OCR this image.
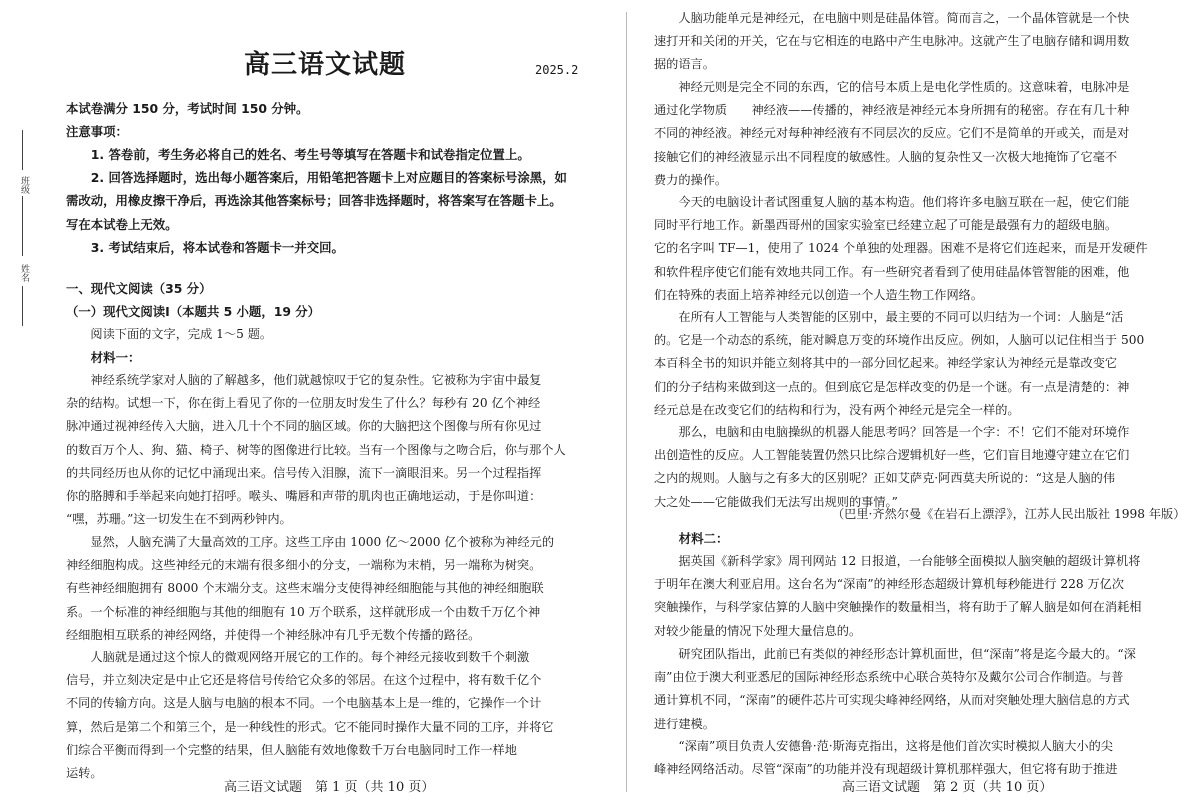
班级
姓名
高三语文试题	2025.2
本试卷满分 150 分，考试时间 150 分钟。
注意事项：
1. 答卷前，考生务必将自己的姓名、考生号等填写在答题卡和试卷指定位置上。
2. 回答选择题时，选出每小题答案后，用铅笔把答题卡上对应题目的答案标号涂黑，如
需改动，用橡皮擦干净后，再选涂其他答案标号；回答非选择题时，将答案写在答题卡上。
写在本试卷上无效。
3. 考试结束后，将本试卷和答题卡一并交回。
一、现代文阅读（35 分）
（一）现代文阅读Ⅰ（本题共 5 小题，19 分）
阅读下面的文字，完成 1～5 题。
材料一：
神经系统学家对人脑的了解越多，他们就越惊叹于它的复杂性。它被称为宇宙中最复
杂的结构。试想一下，你在街上看见了你的一位朋友时发生了什么？每秒有 20 亿个神经
脉冲通过视神经传入大脑，进入几十个不同的脑区域。你的大脑把这个图像与所有你见过
的数百万个人、狗、猫、椅子、树等的图像进行比较。当有一个图像与之吻合后，你与那个人
的共同经历也从你的记忆中涌现出来。信号传入泪腺，流下一滴眼泪来。另一个过程指挥
你的胳膊和手举起来向她打招呼。喉头、嘴唇和声带的肌肉也正确地运动，于是你叫道：
“嘿，苏珊。”这一切发生在不到两秒钟内。
显然，人脑充满了大量高效的工序。这些工序由 1000 亿～2000 亿个被称为神经元的
神经细胞构成。这些神经元的末端有很多细小的分支，一端称为末梢，另一端称为树突。
有些神经细胞拥有 8000 个末端分支。这些末端分支使得神经细胞能与其他的神经细胞联
系。一个标准的神经细胞与其他的细胞有 10 万个联系，这样就形成一个由数千万亿个神
经细胞相互联系的神经网络，并使得一个神经脉冲有几乎无数个传播的路径。
人脑就是通过这个惊人的微观网络开展它的工作的。每个神经元接收到数千个刺激
信号，并立刻决定是中止它还是将信号传给它众多的邻居。在这个过程中，将有数千亿个
不同的传输方向。这是人脑与电脑的根本不同。一个电脑基本上是一维的，它操作一个计
算，然后是第二个和第三个，是一种线性的形式。它不能同时操作大量不同的工序，并将它
们综合平衡而得到一个完整的结果，但人脑能有效地像数千万台电脑同时工作一样地
运转。
高三语文试题　第 1 页（共 10 页）
人脑功能单元是神经元，在电脑中则是硅晶体管。简而言之，一个晶体管就是一个快
速打开和关闭的开关，它在与它相连的电路中产生电脉冲。这就产生了电脑存储和调用数
据的语言。
神经元则是完全不同的东西，它的信号本质上是电化学性质的。这意味着，电脉冲是
通过化学物质　　神经液——传播的，神经液是神经元本身所拥有的秘密。存在有几十种
不同的神经液。神经元对每种神经液有不同层次的反应。它们不是简单的开或关，而是对
接触它们的神经液显示出不同程度的敏感性。人脑的复杂性又一次极大地掩饰了它毫不
费力的操作。
今天的电脑设计者试图重复人脑的基本构造。他们将许多电脑互联在一起，使它们能
同时平行地工作。新墨西哥州的国家实验室已经建立起了可能是最强有力的超级电脑。
它的名字叫 TF—1，使用了 1024 个单独的处理器。困难不是将它们连起来，而是开发硬件
和软件程序使它们能有效地共同工作。有一些研究者看到了使用硅晶体管智能的困难，他
们在特殊的表面上培养神经元以创造一个人造生物工作网络。
在所有人工智能与人类智能的区别中，最主要的不同可以归结为一个词：人脑是“活
的。它是一个动态的系统，能对瞬息万变的环境作出反应。例如，人脑可以记住相当于 500
本百科全书的知识并能立刻将其中的一部分回忆起来。神经学家认为神经元是靠改变它
们的分子结构来做到这一点的。但到底它是怎样改变的仍是一个谜。有一点是清楚的：神
经元总是在改变它们的结构和行为，没有两个神经元是完全一样的。
那么，电脑和由电脑操纵的机器人能思考吗？回答是一个字：不！它们不能对环境作
出创造性的反应。人工智能装置仍然只比综合逻辑机好一些，它们盲目地遵守建立在它们
之内的规则。人脑与之有多大的区别呢？正如艾萨克·阿西莫夫所说的：“这是人脑的伟
大之处——它能做我们无法写出规则的事情。”
（巴里·齐然尔曼《在岩石上漂浮》，江苏人民出版社 1998 年版）
材料二：
据英国《新科学家》周刊网站 12 日报道，一台能够全面模拟人脑突触的超级计算机将
于明年在澳大利亚启用。这台名为“深南”的神经形态超级计算机每秒能进行 228 万亿次
突触操作，与科学家估算的人脑中突触操作的数量相当，将有助于了解人脑是如何在消耗相
对较少能量的情况下处理大量信息的。
研究团队指出，此前已有类似的神经形态计算机面世，但“深南”将是迄今最大的。“深
南”由位于澳大利亚悉尼的国际神经形态系统中心联合英特尔及戴尔公司合作制造。与普
通计算机不同，“深南”的硬件芯片可实现尖峰神经网络，从而对突触处理大脑信息的方式
进行建模。
“深南”项目负责人安德鲁·范·斯海克指出，这将是他们首次实时模拟人脑大小的尖
峰神经网络活动。尽管“深南”的功能并没有现超级计算机那样强大，但它将有助于推进
高三语文试题　第 2 页（共 10 页）
